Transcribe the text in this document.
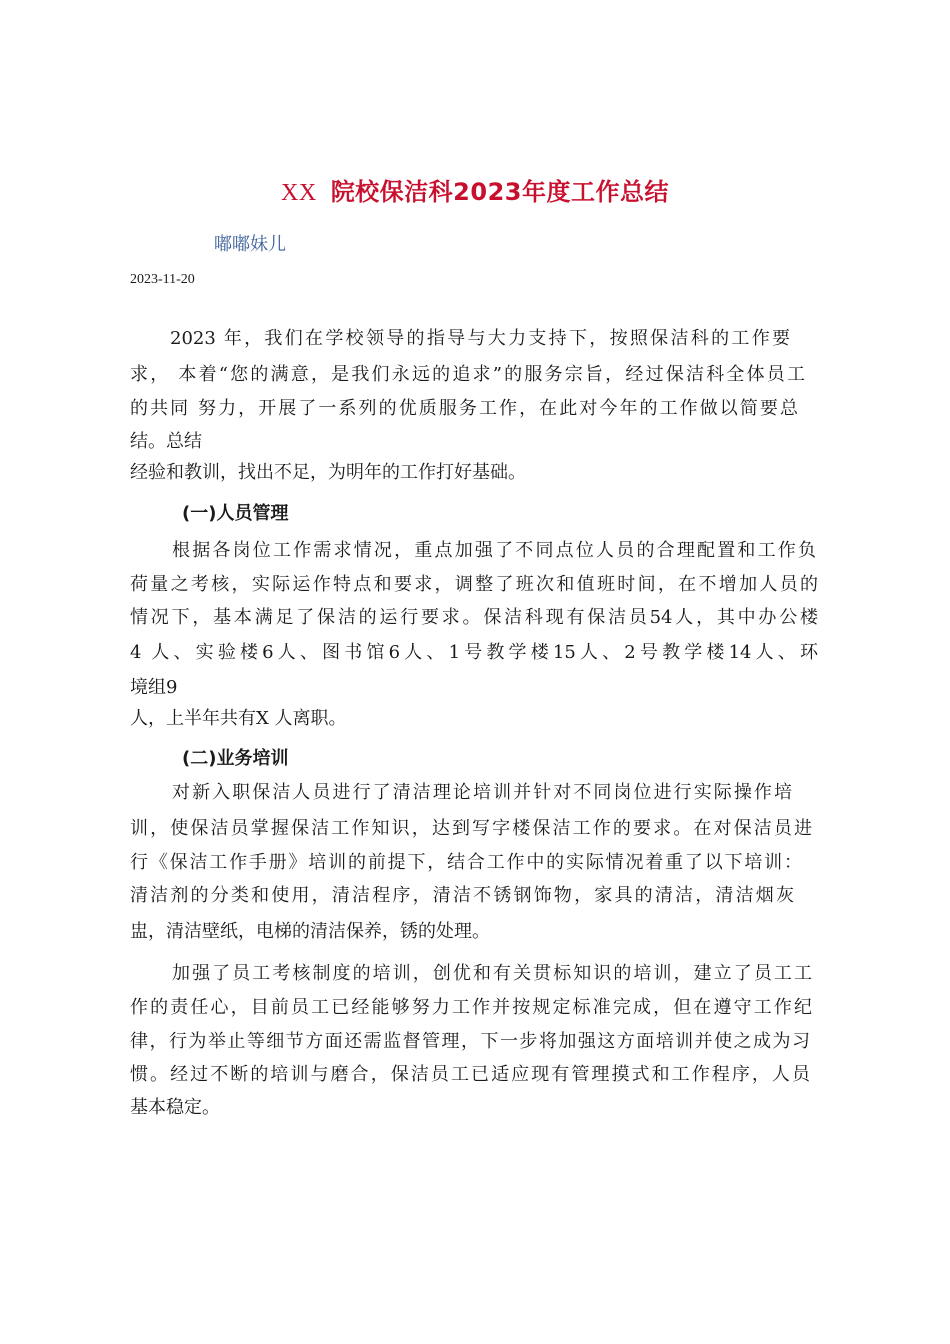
XX 院校保洁科2023年度工作总结
嘟嘟妹儿
2023-11-20
2023 年，我们在学校领导的指导与大力支持下，按照保洁科的工作要
求， 本着“您的满意，是我们永远的追求”的服务宗旨，经过保洁科全体员工
的共同 努力，开展了一系列的优质服务工作，在此对今年的工作做以简要总
结。总结
经验和教训，找出不足，为明年的工作打好基础。
(一)人员管理
根据各岗位工作需求情况，重点加强了不同点位人员的合理配置和工作负
荷量之考核，实际运作特点和要求，调整了班次和值班时间，在不增加人员的
情况下，基本满足了保洁的运行要求。保洁科现有保洁员54人，其中办公楼
4 人、实验楼6人、图书馆6人、1号教学楼15人、2号教学楼14人、环
境组9
人，上半年共有X 人离职。
(二)业务培训
对新入职保洁人员进行了清洁理论培训并针对不同岗位进行实际操作培
训，使保洁员掌握保洁工作知识，达到写字楼保洁工作的要求。在对保洁员进
行《保洁工作手册》培训的前提下，结合工作中的实际情况着重了以下培训：
清洁剂的分类和使用，清洁程序，清洁不锈钢饰物，家具的清洁，清洁烟灰
盅，清洁壁纸，电梯的清洁保养，锈的处理。
加强了员工考核制度的培训，创优和有关贯标知识的培训，建立了员工工
作的责任心，目前员工已经能够努力工作并按规定标准完成，但在遵守工作纪
律，行为举止等细节方面还需监督管理，下一步将加强这方面培训并使之成为习
惯。经过不断的培训与磨合，保洁员工已适应现有管理摸式和工作程序，人员
基本稳定。
